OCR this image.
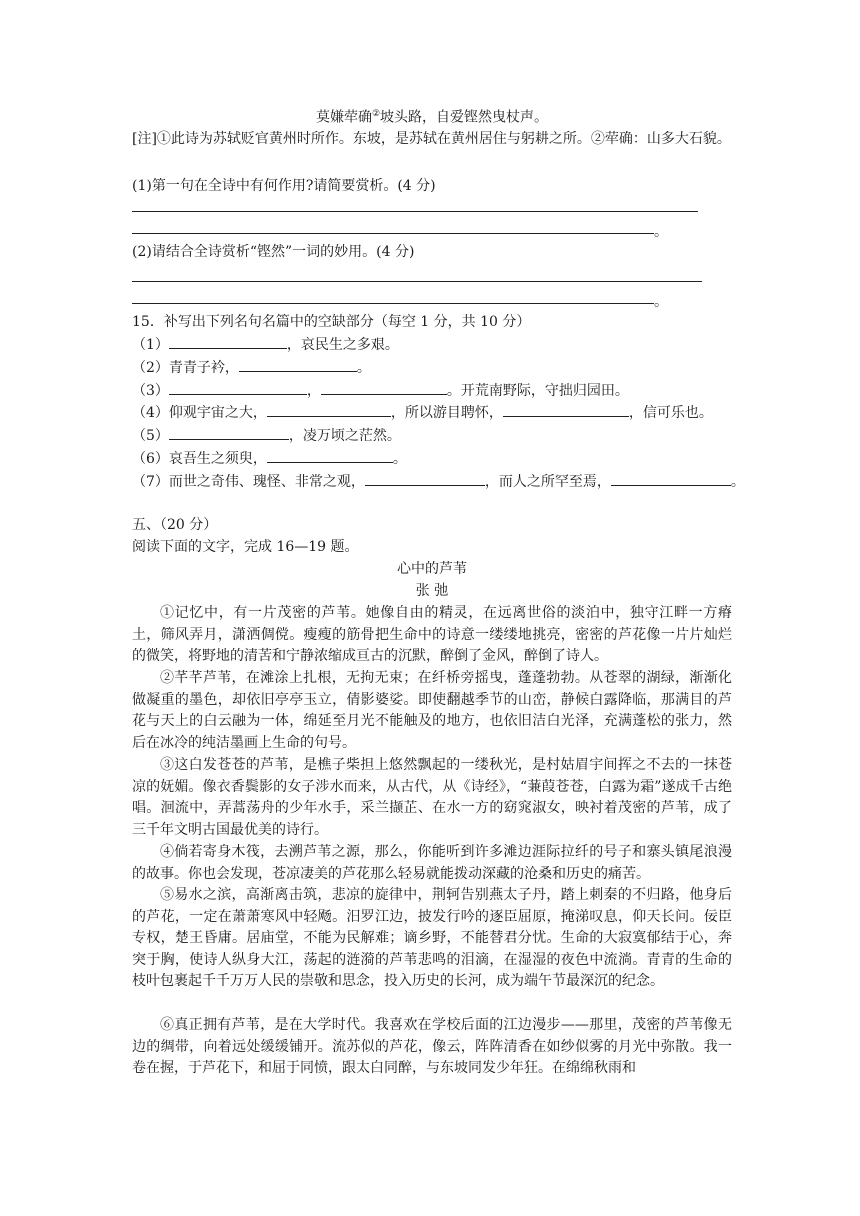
莫嫌荦确②坡头路，自爱铿然曳杖声。
[注]①此诗为苏轼贬官黄州时所作。东坡，是苏轼在黄州居住与躬耕之所。②荦确：山多大石貌。
(1)第一句在全诗中有何作用?请简要赏析。(4 分)
。
(2)请结合全诗赏析“铿然”一词的妙用。(4 分)
。
15．补写出下列名句名篇中的空缺部分（每空 1 分，共 10 分）
（1）	，哀民生之多艰。
（2）青青子衿，	。
（3）	，	。开荒南野际，守拙归园田。
（4）仰观宇宙之大，	，所以游目聘怀，	，信可乐也。
（5）	，凌万顷之茫然。
（6）哀吾生之须臾，	。
（7）而世之奇伟、瑰怪、非常之观，	，而人之所罕至焉，	。
五、（20 分）
阅读下面的文字，完成 16—19 题。
心中的芦苇
张 弛
①记忆中，有一片茂密的芦苇。她像自由的精灵，在远离世俗的淡泊中，独守江畔一方瘠土，筛风弄月，潇洒倜傥。瘦瘦的筋骨把生命中的诗意一缕缕地挑亮，密密的芦花像一片片灿烂的微笑，将野地的清苦和宁静浓缩成亘古的沉默，醉倒了金风，醉倒了诗人。
②芊芊芦苇，在滩涂上扎根，无拘无束；在纤桥旁摇曳，蓬蓬勃勃。从苍翠的湖绿，渐渐化做凝重的墨色，却依旧亭亭玉立，倩影婆娑。即使翻越季节的山峦，静候白露降临，那满目的芦花与天上的白云融为一体，绵延至月光不能触及的地方，也依旧洁白光泽，充满蓬松的张力，然后在冰冷的纯洁墨画上生命的句号。
③这白发苍苍的芦苇，是樵子柴担上悠然飘起的一缕秋光，是村姑眉宇间挥之不去的一抹苍凉的妩媚。像衣香鬓影的女子涉水而来，从古代，从《诗经》，“蒹葭苍苍，白露为霜”遂成千古绝唱。洄流中，弄蒿荡舟的少年水手，采兰撷芷、在水一方的窈窕淑女，映衬着茂密的芦苇，成了三千年文明古国最优美的诗行。
④倘若寄身木筏，去溯芦苇之源，那么，你能听到许多滩边涯际拉纤的号子和寨头镇尾浪漫的故事。你也会发现，苍凉凄美的芦花那么轻易就能拨动深藏的沧桑和历史的痛苦。
⑤易水之滨，高渐离击筑，悲凉的旋律中，荆轲告别燕太子丹，踏上刺秦的不归路，他身后的芦花，一定在萧萧寒风中轻飏。汨罗江边，披发行吟的逐臣屈原，掩涕叹息，仰天长问。佞臣专权，楚王昏庸。居庙堂，不能为民解难；谪乡野，不能替君分忧。生命的大寂寞郁结于心，奔突于胸，使诗人纵身大江，荡起的涟漪的芦苇悲鸣的泪滴，在湿湿的夜色中流淌。青青的生命的枝叶包裹起千千万万人民的崇敬和思念，投入历史的长河，成为端午节最深沉的纪念。
⑥真正拥有芦苇，是在大学时代。我喜欢在学校后面的江边漫步——那里，茂密的芦苇像无边的绸带，向着远处缓缓铺开。流苏似的芦花，像云，阵阵清香在如纱似雾的月光中弥散。我一卷在握，于芦花下，和屈于同愤，跟太白同醉，与东坡同发少年狂。在绵绵秋雨和
